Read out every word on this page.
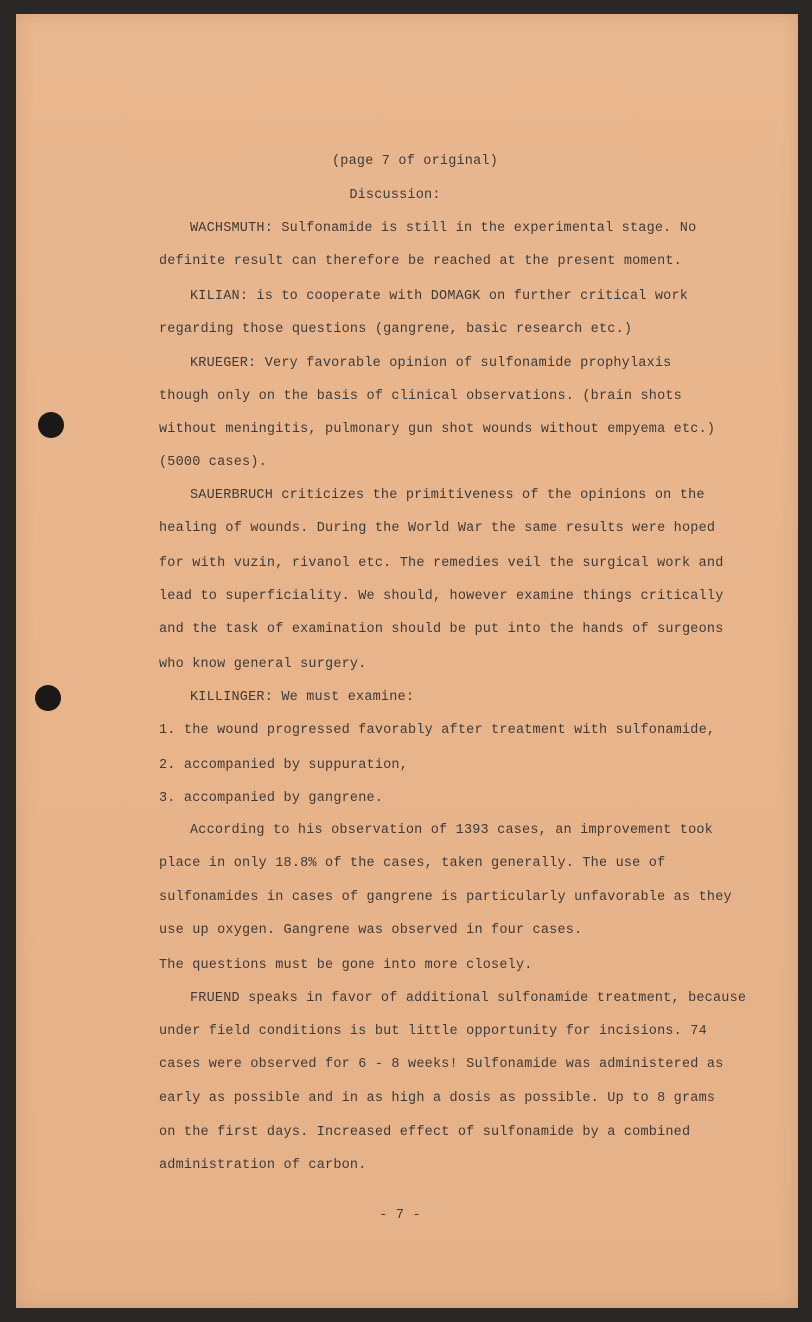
(page 7 of original)
Discussion:
WACHSMUTH: Sulfonamide is still in the experimental stage. No
definite result can therefore be reached at the present moment.
KILIAN: is to cooperate with DOMAGK on further critical work
regarding those questions (gangrene, basic research etc.)
KRUEGER: Very favorable opinion of sulfonamide prophylaxis
though only on the basis of clinical observations. (brain shots
without meningitis, pulmonary gun shot wounds without empyema etc.)
(5000 cases).
SAUERBRUCH criticizes the primitiveness of the opinions on the
healing of wounds. During the World War the same results were hoped
for with vuzin, rivanol etc. The remedies veil the surgical work and
lead to superficiality. We should, however examine things critically
and the task of examination should be put into the hands of surgeons
who know general surgery.
KILLINGER: We must examine:
1. the wound progressed favorably after treatment with sulfonamide,
2. accompanied by suppuration,
3. accompanied by gangrene.
According to his observation of 1393 cases, an improvement took
place in only 18.8% of the cases, taken generally. The use of
sulfonamides in cases of gangrene is particularly unfavorable as they
use up oxygen. Gangrene was observed in four cases.
The questions must be gone into more closely.
FRUEND speaks in favor of additional sulfonamide treatment, because
under field conditions is but little opportunity for incisions. 74
cases were observed for 6 - 8 weeks! Sulfonamide was administered as
early as possible and in as high a dosis as possible. Up to 8 grams
on the first days. Increased effect of sulfonamide by a combined
administration of carbon.
- 7 -
